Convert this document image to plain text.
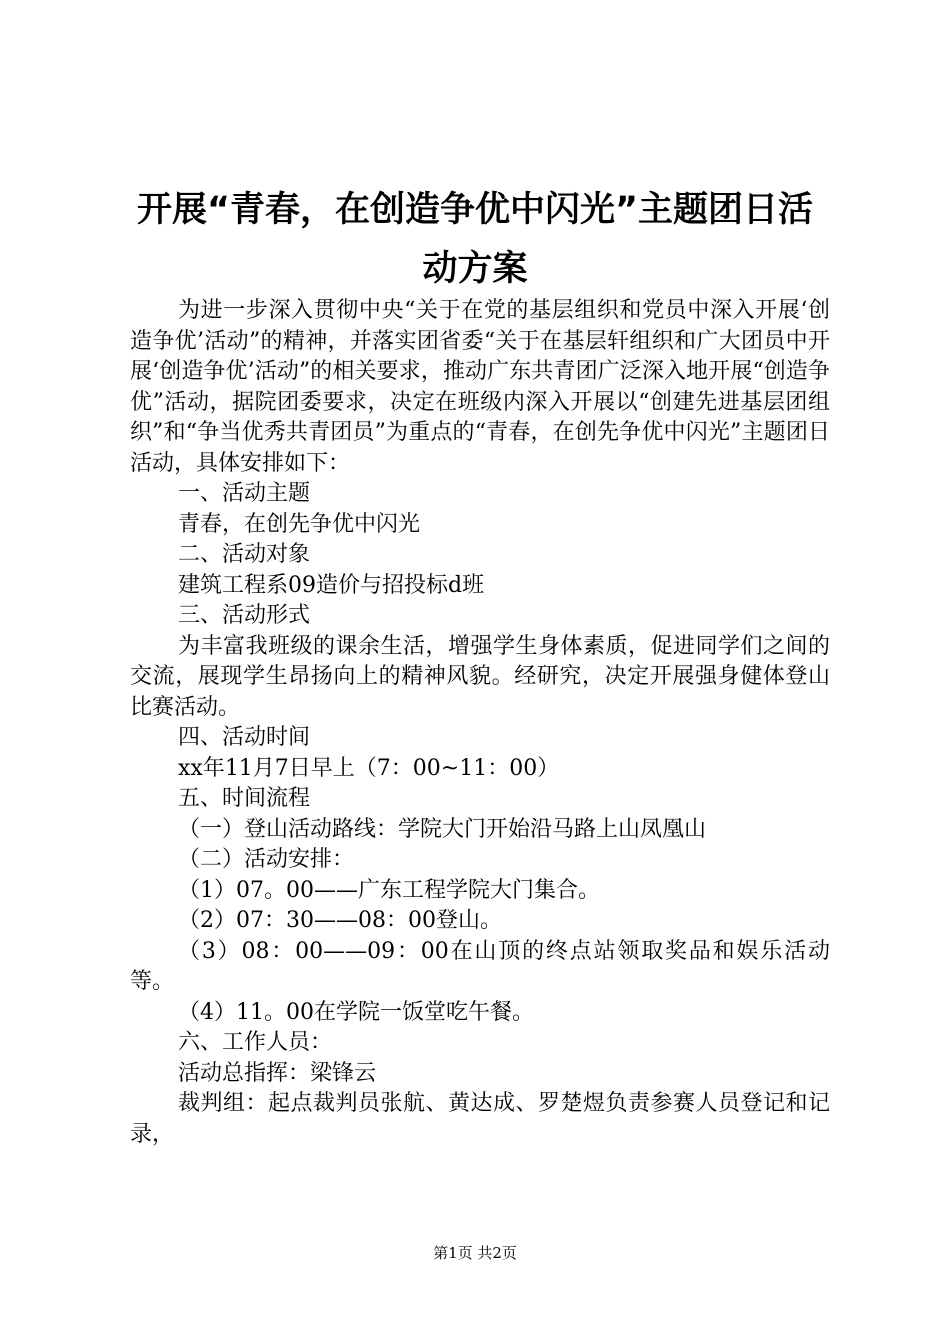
开展“青春，在创造争优中闪光”主题团日活
动方案

为进一步深入贯彻中央“关于在党的基层组织和党员中深入开展‘创造争优’活动”的精神，并落实团省委“关于在基层轩组织和广大团员中开展‘创造争优’活动”的相关要求，推动广东共青团广泛深入地开展“创造争优”活动，据院团委要求，决定在班级内深入开展以“创建先进基层团组织”和“争当优秀共青团员”为重点的“青春，在创先争优中闪光”主题团日活动，具体安排如下：

一、活动主题

青春，在创先争优中闪光

二、活动对象

建筑工程系09造价与招投标d班

三、活动形式

为丰富我班级的课余生活，增强学生身体素质，促进同学们之间的交流，展现学生昂扬向上的精神风貌。经研究，决定开展强身健体登山比赛活动。

四、活动时间

xx年11月7日早上（7：00~11：00）

五、时间流程

（一）登山活动路线：学院大门开始沿马路上山凤凰山

（二）活动安排：

（1）07。00——广东工程学院大门集合。

（2）07：30——08：00登山。

（3）08：00——09：00在山顶的终点站领取奖品和娱乐活动等。

（4）11。00在学院一饭堂吃午餐。

六、工作人员：

活动总指挥：梁锋云

裁判组：起点裁判员张航、黄达成、罗楚煜负责参赛人员登记和记录，

第1页 共2页
